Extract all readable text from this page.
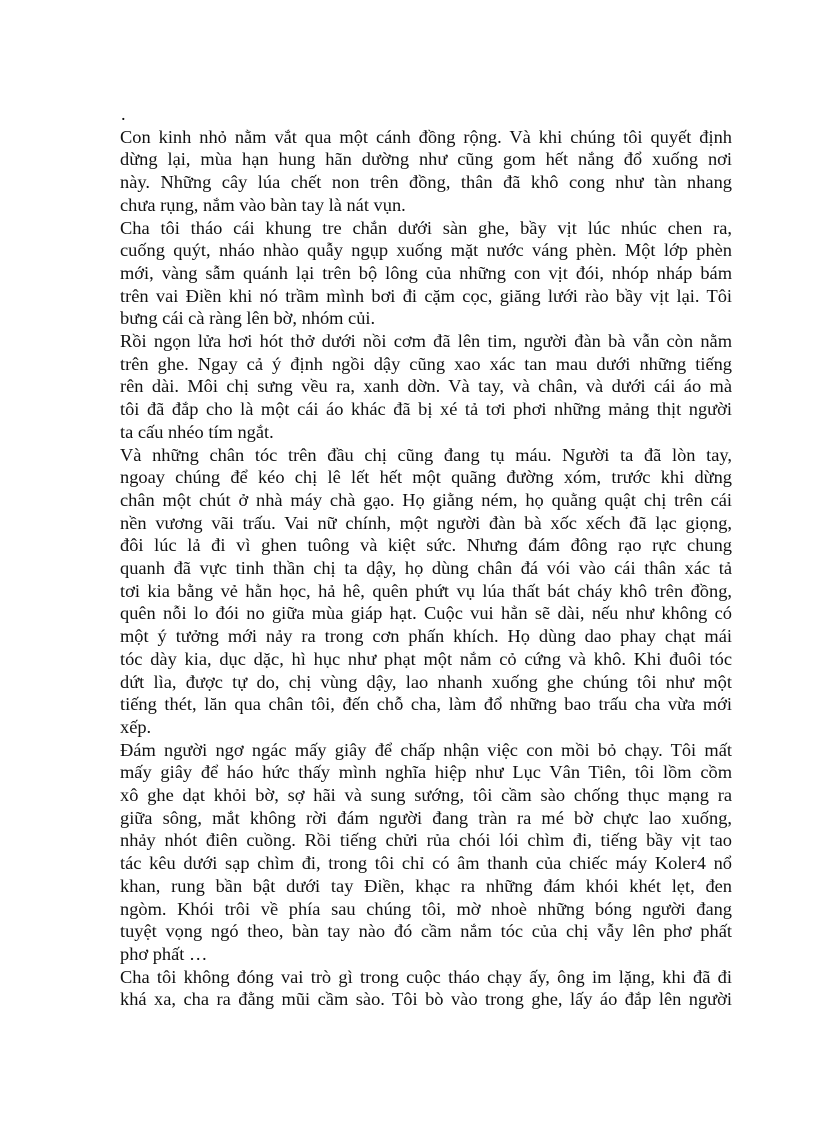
.
Con kinh nhỏ nằm vắt qua một cánh đồng rộng. Và khi chúng tôi quyết định
dừng lại, mùa hạn hung hãn dường như cũng gom hết nắng đổ xuống nơi
này. Những cây lúa chết non trên đồng, thân đã khô cong như tàn nhang
chưa rụng, nắm vào bàn tay là nát vụn.
Cha tôi tháo cái khung tre chắn dưới sàn ghe, bầy vịt lúc nhúc chen ra,
cuống quýt, nháo nhào quẫy ngụp xuống mặt nước váng phèn. Một lớp phèn
mới, vàng sẫm quánh lại trên bộ lông của những con vịt đói, nhóp nháp bám
trên vai Điền khi nó trầm mình bơi đi cặm cọc, giăng lưới rào bầy vịt lại. Tôi
bưng cái cà ràng lên bờ, nhóm củi.
Rồi ngọn lửa hơi hót thở dưới nồi cơm đã lên tim, người đàn bà vẫn còn nằm
trên ghe. Ngay cả ý định ngồi dậy cũng xao xác tan mau dưới những tiếng
rên dài. Môi chị sưng vều ra, xanh dờn. Và tay, và chân, và dưới cái áo mà
tôi đã đắp cho là một cái áo khác đã bị xé tả tơi phơi những mảng thịt người
ta cấu nhéo tím ngắt.
Và những chân tóc trên đầu chị cũng đang tụ máu. Người ta đã lòn tay,
ngoay chúng để kéo chị lê lết hết một quãng đường xóm, trước khi dừng
chân một chút ở nhà máy chà gạo. Họ giằng ném, họ quằng quật chị trên cái
nền vương vãi trấu. Vai nữ chính, một người đàn bà xốc xếch đã lạc giọng,
đôi lúc lả đi vì ghen tuông và kiệt sức. Nhưng đám đông rạo rực chung
quanh đã vực tinh thần chị ta dậy, họ dùng chân đá vói vào cái thân xác tả
tơi kia bằng vẻ hằn học, hả hê, quên phứt vụ lúa thất bát cháy khô trên đồng,
quên nỗi lo đói no giữa mùa giáp hạt. Cuộc vui hẳn sẽ dài, nếu như không có
một ý tưởng mới nảy ra trong cơn phấn khích. Họ dùng dao phay chạt mái
tóc dày kia, dục dặc, hì hục như phạt một nắm cỏ cứng và khô. Khi đuôi tóc
dứt lìa, được tự do, chị vùng dậy, lao nhanh xuống ghe chúng tôi như một
tiếng thét, lăn qua chân tôi, đến chỗ cha, làm đổ những bao trấu cha vừa mới
xếp.
Đám người ngơ ngác mấy giây để chấp nhận việc con mồi bỏ chạy. Tôi mất
mấy giây để háo hức thấy mình nghĩa hiệp như Lục Vân Tiên, tôi lồm cồm
xô ghe dạt khỏi bờ, sợ hãi và sung sướng, tôi cầm sào chống thục mạng ra
giữa sông, mắt không rời đám người đang tràn ra mé bờ chực lao xuống,
nhảy nhót điên cuồng. Rồi tiếng chửi rủa chói lói chìm đi, tiếng bầy vịt tao
tác kêu dưới sạp chìm đi, trong tôi chỉ có âm thanh của chiếc máy Koler4 nổ
khan, rung bần bật dưới tay Điền, khạc ra những đám khói khét lẹt, đen
ngòm. Khói trôi về phía sau chúng tôi, mờ nhoè những bóng người đang
tuyệt vọng ngó theo, bàn tay nào đó cầm nắm tóc của chị vẫy lên phơ phất
phơ phất …
Cha tôi không đóng vai trò gì trong cuộc tháo chạy ấy, ông im lặng, khi đã đi
khá xa, cha ra đằng mũi cầm sào. Tôi bò vào trong ghe, lấy áo đắp lên người
